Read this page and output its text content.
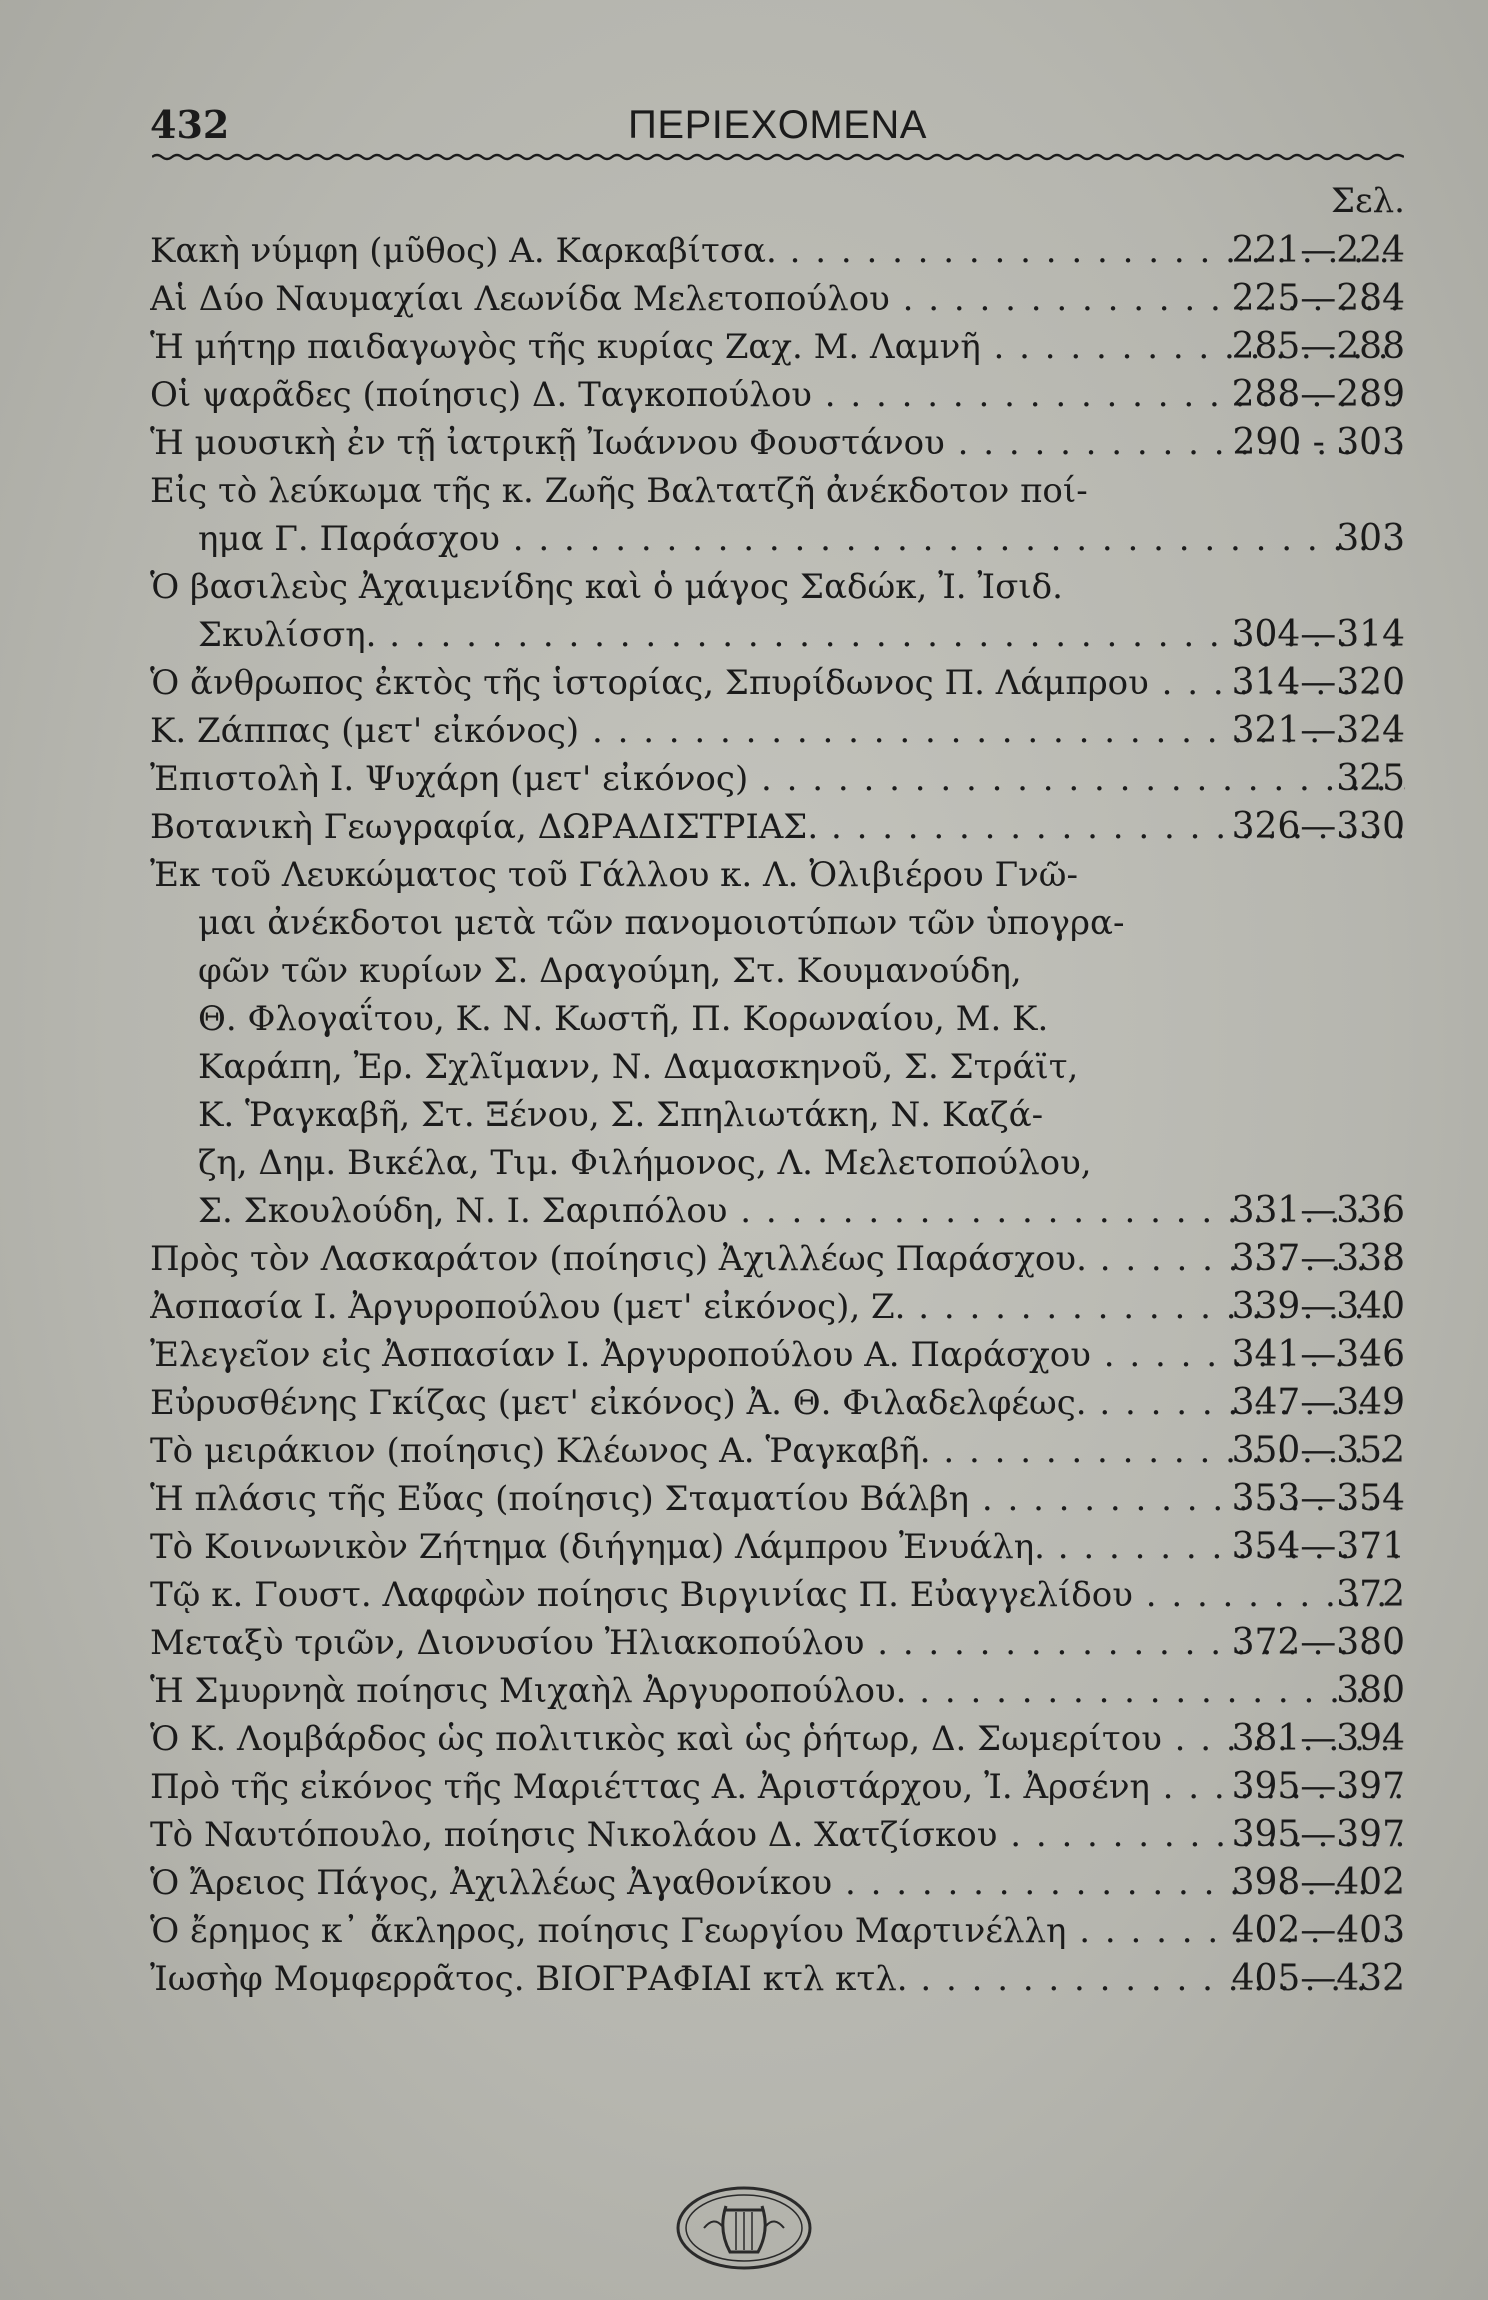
432	ΠΕΡΙΕΧΟΜΕΝΑ
Σελ.
Κακὴ νύμφη (μῦθος) Α. Καρκαβίτσα. . . .	221—224
Αἱ Δύο Ναυμαχίαι Λεωνίδα Μελετοπούλου . . .	225—284
Ἡ μήτηρ παιδαγωγὸς τῆς κυρίας Ζαχ. Μ. Λαμνῆ . . .	285—288
Οἱ ψαρᾶδες (ποίησις) Δ. Ταγκοπούλου . . .	288—289
Ἡ μουσικὴ ἐν τῇ ἰατρικῇ Ἰωάννου Φουστάνου . . .	290 - 303
Εἰς τὸ λεύκωμα τῆς κ. Ζωῆς Βαλτατζῆ ἀνέκδοτον ποί-
ημα Γ. Παράσχου . . .	303
Ὁ βασιλεὺς Ἀχαιμενίδης καὶ ὁ μάγος Σαδώκ, Ἰ. Ἰσιδ.
Σκυλίσση. . . .	304—314
Ὁ ἄνθρωπος ἐκτὸς τῆς ἱστορίας, Σπυρίδωνος Π. Λάμπρου . . .	314—320
Κ. Ζάππας (μετ' εἰκόνος) . . .	321—324
Ἐπιστολὴ Ι. Ψυχάρη (μετ' εἰκόνος) . . .	325
Βοτανικὴ Γεωγραφία, ΔΩΡΑΔΙΣΤΡΙΑΣ. . . .	326—330
Ἐκ τοῦ Λευκώματος τοῦ Γάλλου κ. Λ. Ὀλιβιέρου Γνῶ-
μαι ἀνέκδοτοι μετὰ τῶν πανομοιοτύπων τῶν ὑπογρα-
φῶν τῶν κυρίων Σ. Δραγούμη, Στ. Κουμανούδη,
Θ. Φλογαΐτου, Κ. Ν. Κωστῆ, Π. Κορωναίου, Μ. Κ.
Καράπη, Ἐρ. Σχλῖμανν, Ν. Δαμασκηνοῦ, Σ. Στράϊτ,
Κ. Ῥαγκαβῆ, Στ. Ξένου, Σ. Σπηλιωτάκη, Ν. Καζά-
ζη, Δημ. Βικέλα, Τιμ. Φιλήμονος, Λ. Μελετοπούλου,
Σ. Σκουλούδη, Ν. Ι. Σαριπόλου . . .	331—336
Πρὸς τὸν Λασκαράτον (ποίησις) Ἀχιλλέως Παράσχου. . . .	337—338
Ἀσπασία Ι. Ἀργυροπούλου (μετ' εἰκόνος), Ζ. . . .	339—340
Ἐλεγεῖον εἰς Ἀσπασίαν Ι. Ἀργυροπούλου Α. Παράσχου . . .	341—346
Εὐρυσθένης Γκίζας (μετ' εἰκόνος) Ἀ. Θ. Φιλαδελφέως. . . .	347—349
Τὸ μειράκιον (ποίησις) Κλέωνος Α. Ῥαγκαβῆ. . . .	350—352
Ἡ πλάσις τῆς Εὔας (ποίησις) Σταματίου Βάλβη . . .	353—354
Τὸ Κοινωνικὸν Ζήτημα (διήγημα) Λάμπρου Ἐνυάλη. . . .	354—371
Τῷ κ. Γουστ. Λαφφὼν ποίησις Βιργινίας Π. Εὐαγγελίδου . . .	372
Μεταξὺ τριῶν, Διονυσίου Ἠλιακοπούλου . . .	372—380
Ἡ Σμυρνηὰ ποίησις Μιχαὴλ Ἀργυροπούλου. . . .	380
Ὁ Κ. Λομβάρδος ὡς πολιτικὸς καὶ ὡς ῥήτωρ, Δ. Σωμερίτου . . .	381—394
Πρὸ τῆς εἰκόνος τῆς Μαριέττας Α. Ἀριστάρχου, Ἰ. Ἀρσένη . . .	395—397
Τὸ Ναυτόπουλο, ποίησις Νικολάου Δ. Χατζίσκου . . .	395—397
Ὁ Ἄρειος Πάγος, Ἀχιλλέως Ἀγαθονίκου . . .	398—402
Ὁ ἔρημος κ᾽ ἄκληρος, ποίησις Γεωργίου Μαρτινέλλη . . .	402—403
Ἰωσὴφ Μομφερρᾶτος. ΒΙΟΓΡΑΦΙΑΙ κτλ κτλ. . . .	405—432
